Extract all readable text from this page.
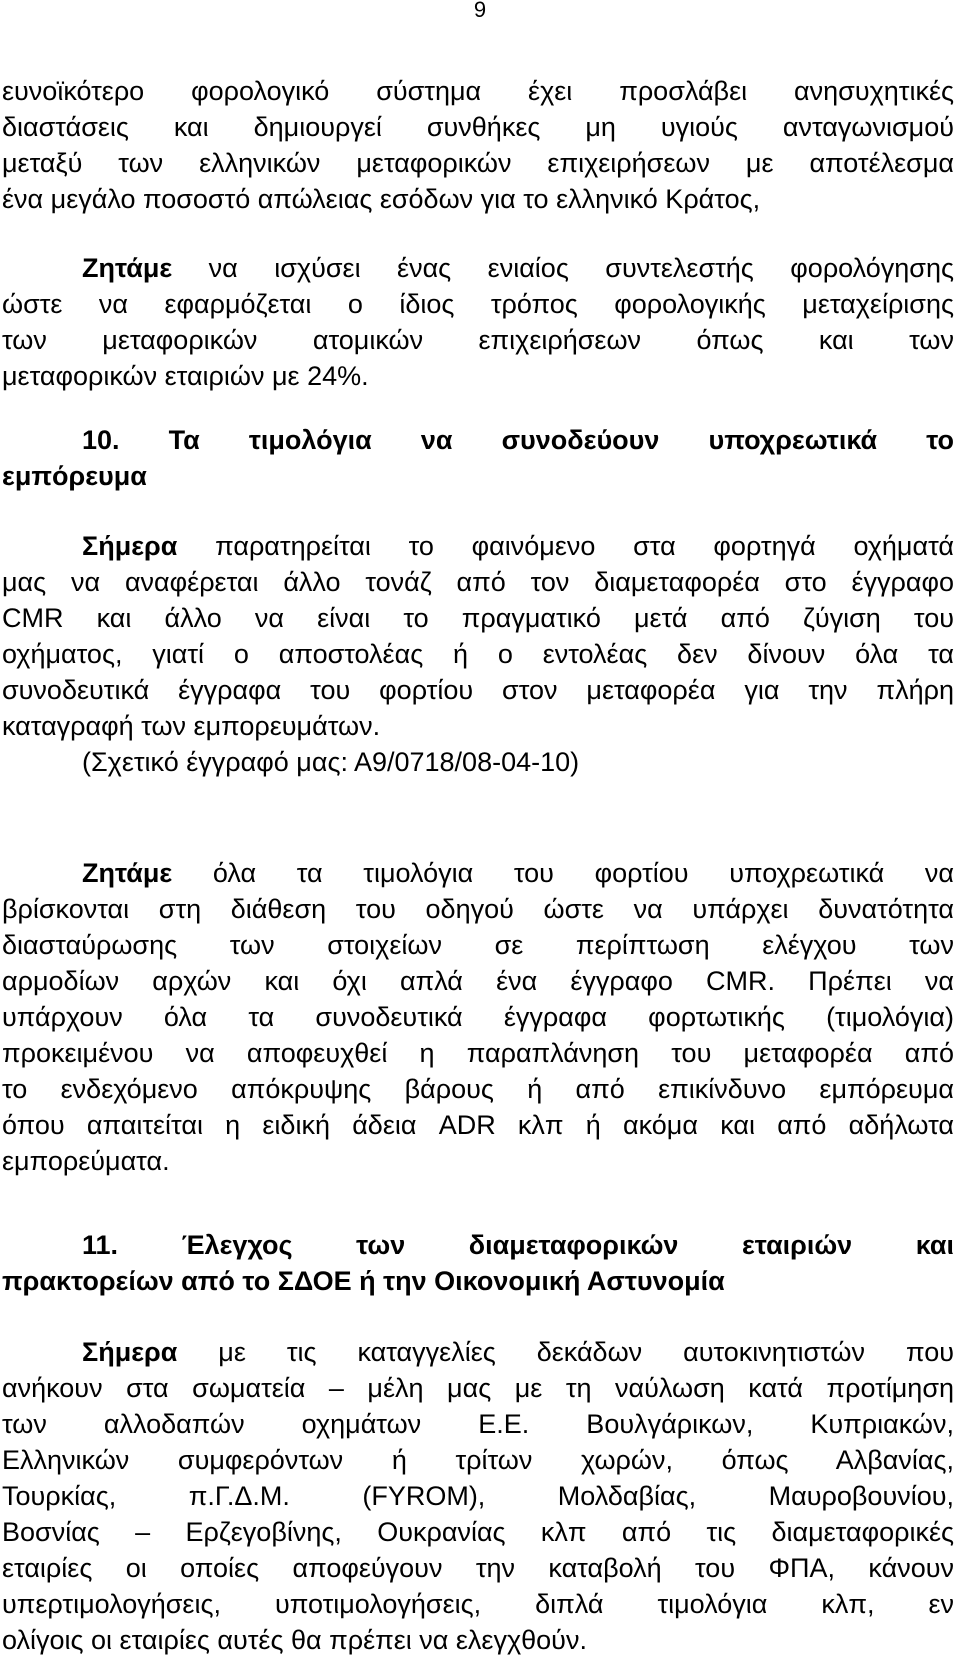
9
ευνοϊκότερο φορολογικό σύστημα έχει προσλάβει ανησυχητικές
διαστάσεις και δημιουργεί συνθήκες μη υγιούς ανταγωνισμού
μεταξύ των ελληνικών μεταφορικών επιχειρήσεων με αποτέλεσμα
ένα μεγάλο ποσοστό απώλειας εσόδων για το ελληνικό Κράτος,
Ζητάμε να ισχύσει ένας ενιαίος συντελεστής φορολόγησης
ώστε να εφαρμόζεται ο ίδιος τρόπος φορολογικής μεταχείρισης
των μεταφορικών ατομικών επιχειρήσεων όπως και των
μεταφορικών εταιριών με 24%.
10. Τα τιμολόγια να συνοδεύουν υποχρεωτικά το
εμπόρευμα
Σήμερα παρατηρείται το φαινόμενο στα φορτηγά οχήματά
μας να αναφέρεται άλλο τονάζ από τον διαμεταφορέα στο έγγραφο
CMR και άλλο να είναι το πραγματικό μετά από ζύγιση του
οχήματος, γιατί ο αποστολέας ή ο εντολέας δεν δίνουν όλα τα
συνοδευτικά έγγραφα του φορτίου στον μεταφορέα για την πλήρη
καταγραφή των εμπορευμάτων.
(Σχετικό έγγραφό μας: Α9/0718/08-04-10)
Ζητάμε όλα τα τιμολόγια του φορτίου υποχρεωτικά να
βρίσκονται στη διάθεση του οδηγού ώστε να υπάρχει δυνατότητα
διασταύρωσης των στοιχείων σε περίπτωση ελέγχου των
αρμοδίων αρχών και όχι απλά ένα έγγραφο CMR. Πρέπει να
υπάρχουν όλα τα συνοδευτικά έγγραφα φορτωτικής (τιμολόγια)
προκειμένου να αποφευχθεί η παραπλάνηση του μεταφορέα από
το ενδεχόμενο απόκρυψης βάρους ή από επικίνδυνο εμπόρευμα
όπου απαιτείται η ειδική άδεια ADR κλπ ή ακόμα και από αδήλωτα
εμπορεύματα.
11. Έλεγχος των διαμεταφορικών εταιριών και
πρακτορείων από το ΣΔΟΕ ή την Οικονομική Αστυνομία
Σήμερα με τις καταγγελίες δεκάδων αυτοκινητιστών που
ανήκουν στα σωματεία – μέλη μας με τη ναύλωση κατά προτίμηση
των αλλοδαπών οχημάτων Ε.Ε. Βουλγάρικων, Κυπριακών,
Ελληνικών συμφερόντων ή τρίτων χωρών, όπως Αλβανίας,
Τουρκίας, π.Γ.Δ.Μ. (FYROM), Μολδαβίας, Μαυροβουνίου,
Βοσνίας – Ερζεγοβίνης, Ουκρανίας κλπ από τις διαμεταφορικές
εταιρίες οι οποίες αποφεύγουν την καταβολή του ΦΠΑ, κάνουν
υπερτιμολογήσεις, υποτιμολογήσεις, διπλά τιμολόγια κλπ, εν
ολίγοις οι εταιρίες αυτές θα πρέπει να ελεγχθούν.
